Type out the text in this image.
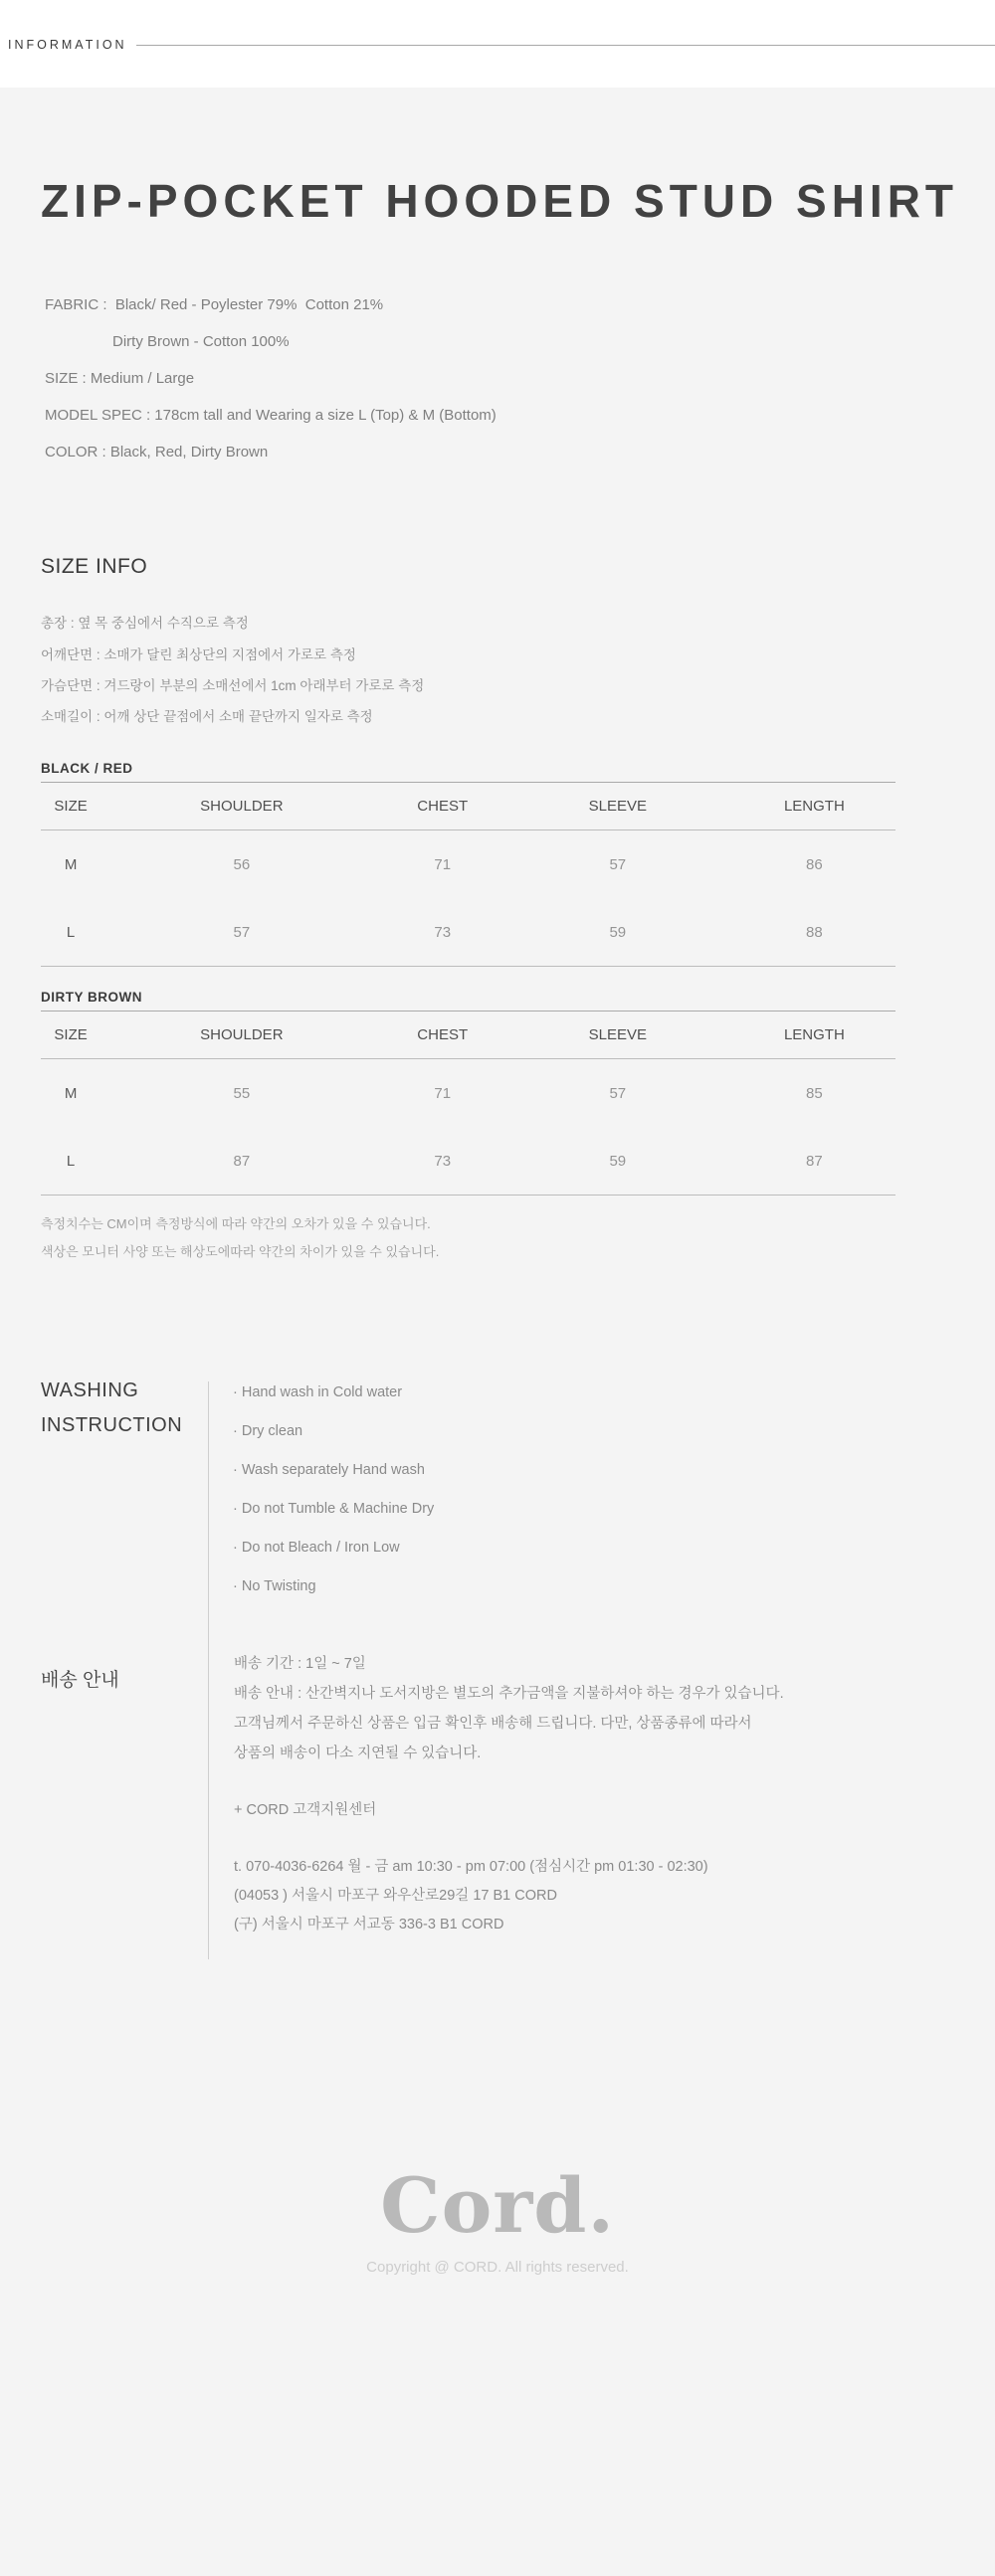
INFORMATION
ZIP-POCKET HOODED STUD SHIRT
FABRIC :  Black/ Red - Poylester 79%  Cotton 21%
Dirty Brown - Cotton 100%
SIZE : Medium / Large
MODEL SPEC : 178cm tall and Wearing a size L (Top) & M (Bottom)
COLOR : Black, Red, Dirty Brown
SIZE INFO
총장 : 옆 목 중심에서 수직으로 측정
어깨단면 : 소매가 달린 최상단의 지점에서 가로로 측정
가슴단면 : 겨드랑이 부분의 소매선에서 1cm 아래부터 가로로 측정
소매길이 : 어깨 상단 끝점에서 소매 끝단까지 일자로 측정
BLACK / RED
SIZE	SHOULDER	CHEST	SLEEVE	LENGTH
M	56	71	57	86
L	57	73	59	88
DIRTY BROWN
SIZE	SHOULDER	CHEST	SLEEVE	LENGTH
M	55	71	57	85
L	87	73	59	87
측정치수는 CM이며 측정방식에 따라 약간의 오차가 있을 수 있습니다.
색상은 모니터 사양 또는 해상도에따라 약간의 차이가 있을 수 있습니다.
WASHING
INSTRUCTION
· Hand wash in Cold water
· Dry clean
· Wash separately Hand wash
· Do not Tumble & Machine Dry
· Do not Bleach / Iron Low
· No Twisting
배송 안내
배송 기간 : 1일 ~ 7일
배송 안내 : 산간벽지나 도서지방은 별도의 추가금액을 지불하셔야 하는 경우가 있습니다.
고객님께서 주문하신 상품은 입금 확인후 배송해 드립니다. 다만, 상품종류에 따라서
상품의 배송이 다소 지연될 수 있습니다.
+ CORD 고객지원센터
t. 070-4036-6264 월 - 금 am 10:30 - pm 07:00 (점심시간 pm 01:30 - 02:30)
(04053 ) 서울시 마포구 와우산로29길 17 B1 CORD
(구) 서울시 마포구 서교동 336-3 B1 CORD
Cord.
Copyright @ CORD. All rights reserved.
